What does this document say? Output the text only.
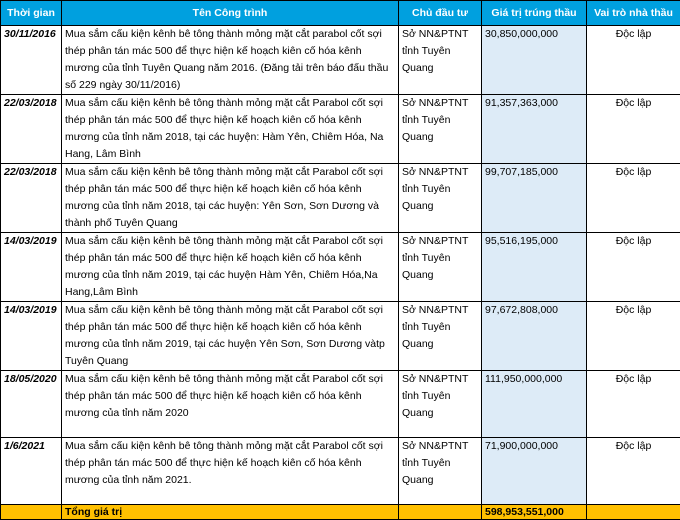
Thời gian	Tên Công trình	Chủ đầu tư	Giá trị trúng thầu	Vai trò nhà thầu
30/11/2016	Mua sắm cấu kiện kênh bê tông thành mỏng mặt cắt parabol cốt sợi thép phân tán mác 500 để thực hiện kế hoạch kiên cố hóa kênh mương của tỉnh Tuyên Quang năm 2016. (Đăng tải trên báo đấu thầu số 229 ngày 30/11/2016)	Sở NN&PTNT tỉnh Tuyên Quang	30,850,000,000	Độc lập
22/03/2018	Mua sắm cấu kiện kênh bê tông thành mỏng mặt cắt Parabol cốt sợi thép phân tán mác 500 để thực hiện kế hoạch kiên cố hóa kênh mương của tỉnh năm 2018, tại các huyện: Hàm Yên, Chiêm Hóa, Na Hang, Lâm Bình	Sở NN&PTNT tỉnh Tuyên Quang	91,357,363,000	Độc lập
22/03/2018	Mua sắm cấu kiện kênh bê tông thành mỏng mặt cắt Parabol cốt sợi thép phân tán mác 500 để thực hiện kế hoạch kiên cố hóa kênh mương của tỉnh năm 2018, tại các huyện: Yên Sơn, Sơn Dương và thành phố Tuyên Quang	Sở NN&PTNT tỉnh Tuyên Quang	99,707,185,000	Độc lập
14/03/2019	Mua sắm cấu kiện kênh bê tông thành mỏng mặt cắt Parabol cốt sợi thép phân tán mác 500 để thực hiện kế hoạch kiên cố hóa kênh mương của tỉnh năm 2019, tại các huyện Hàm Yên, Chiêm Hóa,Na Hang,Lâm Bình	Sở NN&PTNT tỉnh Tuyên Quang	95,516,195,000	Độc lập
14/03/2019	Mua sắm cấu kiện kênh bê tông thành mỏng mặt cắt Parabol cốt sợi thép phân tán mác 500 để thực hiện kế hoạch kiên cố hóa kênh mương của tỉnh năm 2019, tại các huyện Yên Sơn, Sơn Dương vàtp Tuyên Quang	Sở NN&PTNT tỉnh Tuyên Quang	97,672,808,000	Độc lập
18/05/2020	Mua sắm cấu kiện kênh bê tông thành mỏng mặt cắt Parabol cốt sợi thép phân tán mác 500 để thực hiện kế hoạch kiên cố hóa kênh mương của tỉnh năm 2020	Sở NN&PTNT tỉnh Tuyên Quang	111,950,000,000	Độc lập
1/6/2021	Mua sắm cấu kiện kênh bê tông thành mỏng mặt cắt Parabol cốt sợi thép phân tán mác 500 để thực hiện kế hoạch kiên cố hóa kênh mương của tỉnh năm 2021.	Sở NN&PTNT tỉnh Tuyên Quang	71,900,000,000	Độc lập
	Tổng giá trị		598,953,551,000	
